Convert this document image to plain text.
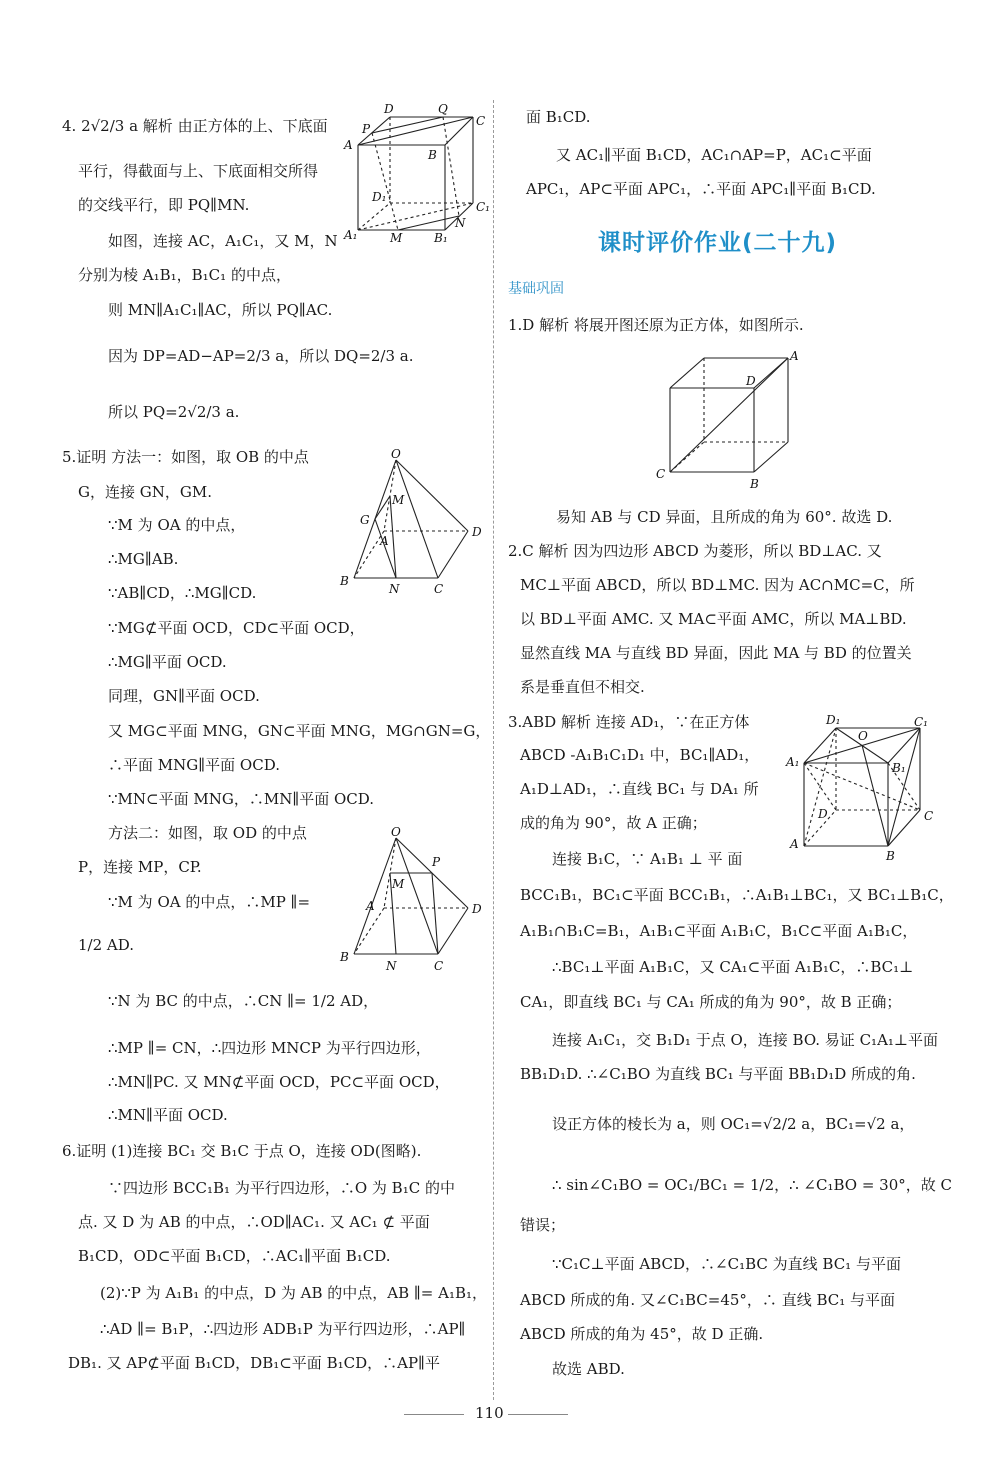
4. 2√2/3 a 解析 由正方体的上、下底面
平行，得截面与上、下底面相交所得
的交线平行，即 PQ∥MN.
如图，连接 AC，A₁C₁，又 M，N
分别为棱 A₁B₁，B₁C₁ 的中点，
则 MN∥A₁C₁∥AC，所以 PQ∥AC.
因为 DP=AD−AP=2/3 a，所以 DQ=2/3 a.
所以 PQ=2√2/3 a.
5.证明 方法一：如图，取 OB 的中点
G，连接 GN，GM.
∵M 为 OA 的中点，
∴MG∥AB.
∵AB∥CD，∴MG∥CD.
∵MG⊄平面 OCD，CD⊂平面 OCD，
∴MG∥平面 OCD.
同理，GN∥平面 OCD.
又 MG⊂平面 MNG，GN⊂平面 MNG，MG∩GN=G，
∴平面 MNG∥平面 OCD.
∵MN⊂平面 MNG，∴MN∥平面 OCD.
方法二：如图，取 OD 的中点
P，连接 MP，CP.
∵M 为 OA 的中点，∴MP ∥=
1/2 AD.
∵N 为 BC 的中点，∴CN ∥= 1/2 AD，
∴MP ∥= CN，∴四边形 MNCP 为平行四边形，
∴MN∥PC. 又 MN⊄平面 OCD，PC⊂平面 OCD，
∴MN∥平面 OCD.
6.证明 (1)连接 BC₁ 交 B₁C 于点 O，连接 OD(图略).
∵四边形 BCC₁B₁ 为平行四边形，∴O 为 B₁C 的中
点. 又 D 为 AB 的中点，∴OD∥AC₁. 又 AC₁ ⊄ 平面
B₁CD，OD⊂平面 B₁CD，∴AC₁∥平面 B₁CD.
(2)∵P 为 A₁B₁ 的中点，D 为 AB 的中点，AB ∥= A₁B₁，
∴AD ∥= B₁P，∴四边形 ADB₁P 为平行四边形，∴AP∥
DB₁. 又 AP⊄平面 B₁CD，DB₁⊂平面 B₁CD，∴AP∥平
D	Q
C
P
A
B
D₁
C₁
A₁	M
N
B₁
O
M
G
A
D
B
N	C
O
P
M
A	D
B
N	C
面 B₁CD.
又 AC₁∥平面 B₁CD，AC₁∩AP=P，AC₁⊂平面
APC₁，AP⊂平面 APC₁，∴平面 APC₁∥平面 B₁CD.
课时评价作业(二十九)
基础巩固
1.D 解析 将展开图还原为正方体，如图所示.
易知 AB 与 CD 异面，且所成的角为 60°. 故选 D.
2.C 解析 因为四边形 ABCD 为菱形，所以 BD⊥AC. 又
MC⊥平面 ABCD，所以 BD⊥MC. 因为 AC∩MC=C，所
以 BD⊥平面 AMC. 又 MA⊂平面 AMC，所以 MA⊥BD.
显然直线 MA 与直线 BD 异面，因此 MA 与 BD 的位置关
系是垂直但不相交.
3.ABD 解析 连接 AD₁，∵在正方体
ABCD -A₁B₁C₁D₁ 中，BC₁∥AD₁，
A₁D⊥AD₁，∴直线 BC₁ 与 DA₁ 所
成的角为 90°，故 A 正确；
连接 B₁C，∵ A₁B₁ ⊥ 平 面
BCC₁B₁，BC₁⊂平面 BCC₁B₁，∴A₁B₁⊥BC₁，又 BC₁⊥B₁C，
A₁B₁∩B₁C=B₁，A₁B₁⊂平面 A₁B₁C，B₁C⊂平面 A₁B₁C，
∴BC₁⊥平面 A₁B₁C，又 CA₁⊂平面 A₁B₁C，∴BC₁⊥
CA₁，即直线 BC₁ 与 CA₁ 所成的角为 90°，故 B 正确；
连接 A₁C₁，交 B₁D₁ 于点 O，连接 BO. 易证 C₁A₁⊥平面
BB₁D₁D. ∴∠C₁BO 为直线 BC₁ 与平面 BB₁D₁D 所成的角.
设正方体的棱长为 a，则 OC₁=√2/2 a，BC₁=√2 a，
∴ sin∠C₁BO = OC₁/BC₁ = 1/2，∴ ∠C₁BO = 30°，故 C
错误；
∵C₁C⊥平面 ABCD，∴∠C₁BC 为直线 BC₁ 与平面
ABCD 所成的角. 又∠C₁BC=45°，∴ 直线 BC₁ 与平面
ABCD 所成的角为 45°，故 D 正确.
故选 ABD.
D
A
C
B
D₁	C₁
O
A₁	B₁
D	C
A
B
110
